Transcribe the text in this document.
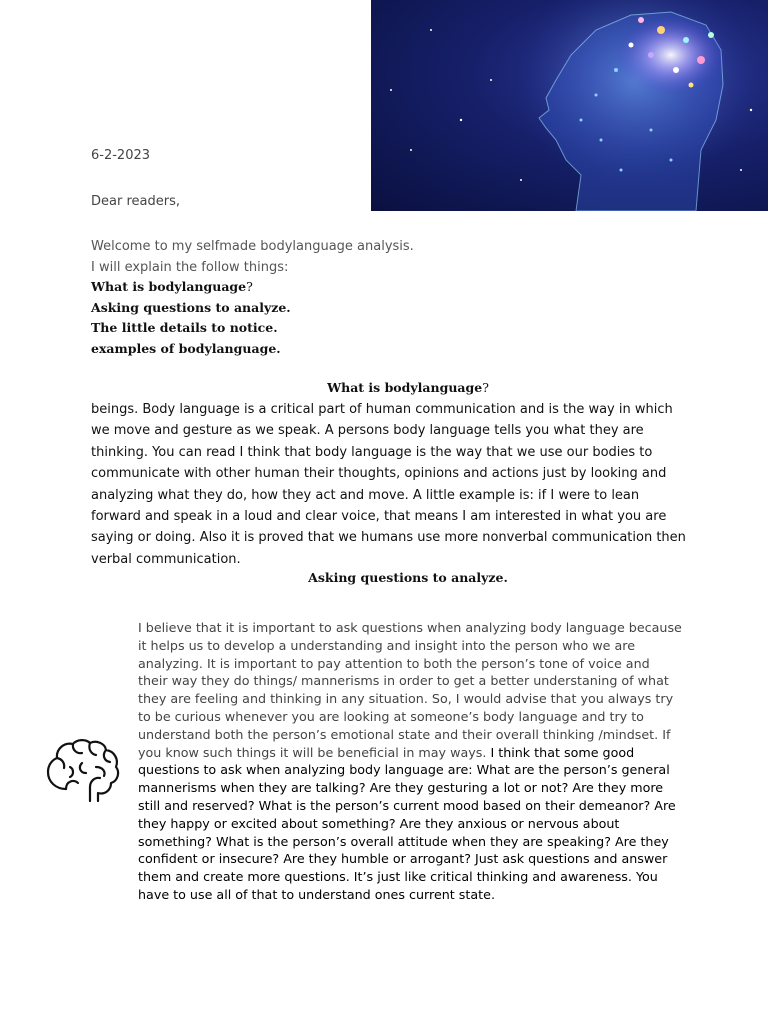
6-2-2023
Dear readers,
Welcome to my selfmade bodylanguage analysis.
I will explain the follow things:
What is bodylanguage?
Asking questions to analyze.
The little details to notice.
examples of bodylanguage.
What is bodylanguage?
beings. Body language is a critical part of human communication and is the way in which we move and gesture as we speak. A persons body language tells you what they are thinking. You can read I think that body language is the way that we use our bodies to communicate with other human their thoughts, opinions and actions just by looking and analyzing what they do, how they act and move. A little example is: if I were to lean forward and speak in a loud and clear voice, that means I am interested in what you are saying or doing. Also it is proved that we humans use more nonverbal communication then verbal communication.
Asking questions to analyze.
I believe that it is important to ask questions when analyzing body language because it helps us to develop a understanding and insight into the person who we are analyzing. It is important to pay attention to both the person’s tone of voice and their way they do things/ mannerisms in order to get a better understaning of what they are feeling and thinking in any situation. So, I would advise that you always try to be curious whenever you are looking at someone’s body language and try to understand both the person’s emotional state and their overall thinking /mindset. If you know such things it will be beneficial in may ways. I think that some good questions to ask when analyzing body language are: What are the person’s general mannerisms when they are talking? Are they gesturing a lot or not? Are they more still and reserved? What is the person’s current mood based on their demeanor? Are they happy or excited about something? Are they anxious or nervous about something? What is the person’s overall attitude when they are speaking? Are they confident or insecure? Are they humble or arrogant? Just ask questions and answer them and create more questions. It’s just like critical thinking and awareness. You have to use all of that to understand ones current state.
